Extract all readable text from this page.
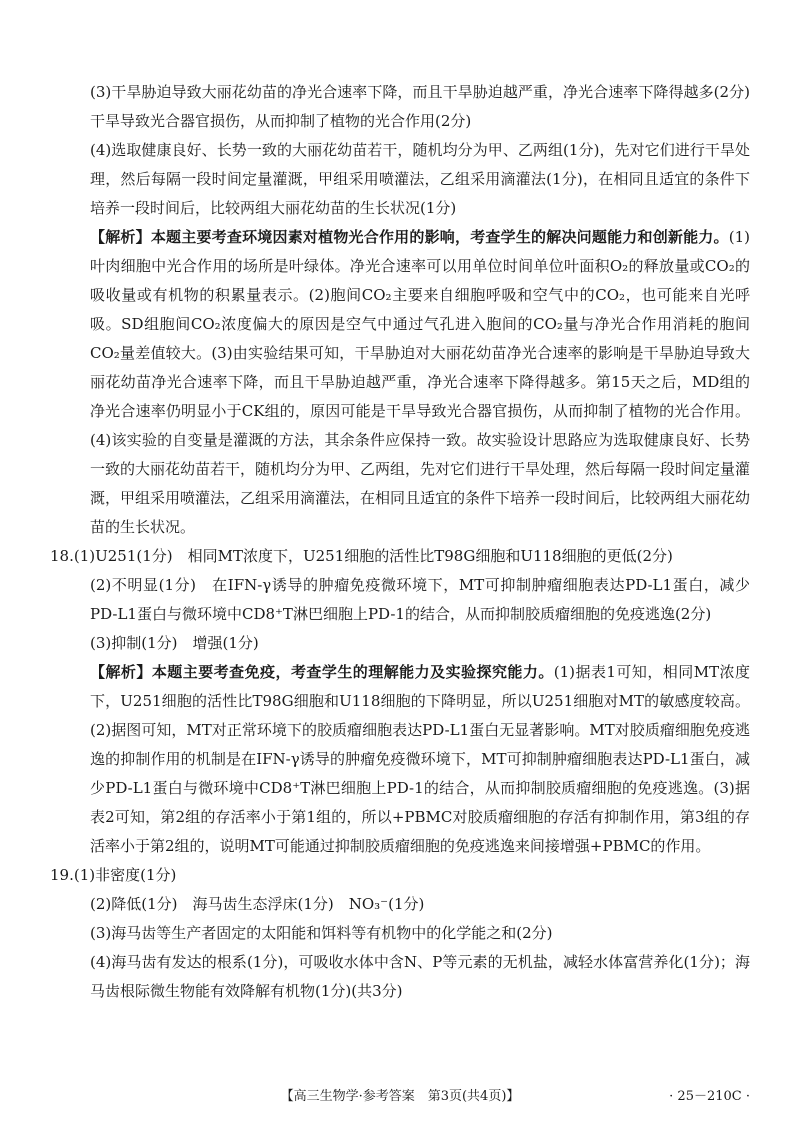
(3)干旱胁迫导致大丽花幼苗的净光合速率下降，而且干旱胁迫越严重，净光合速率下降得越多(2分)　干旱导致光合器官损伤，从而抑制了植物的光合作用(2分)

(4)选取健康良好、长势一致的大丽花幼苗若干，随机均分为甲、乙两组(1分)，先对它们进行干旱处理，然后每隔一段时间定量灌溉，甲组采用喷灌法，乙组采用滴灌法(1分)，在相同且适宜的条件下培养一段时间后，比较两组大丽花幼苗的生长状况(1分)

【解析】本题主要考查环境因素对植物光合作用的影响，考查学生的解决问题能力和创新能力。(1)叶肉细胞中光合作用的场所是叶绿体。净光合速率可以用单位时间单位叶面积O₂的释放量或CO₂的吸收量或有机物的积累量表示。(2)胞间CO₂主要来自细胞呼吸和空气中的CO₂，也可能来自光呼吸。SD组胞间CO₂浓度偏大的原因是空气中通过气孔进入胞间的CO₂量与净光合作用消耗的胞间CO₂量差值较大。(3)由实验结果可知，干旱胁迫对大丽花幼苗净光合速率的影响是干旱胁迫导致大丽花幼苗净光合速率下降，而且干旱胁迫越严重，净光合速率下降得越多。第15天之后，MD组的净光合速率仍明显小于CK组的，原因可能是干旱导致光合器官损伤，从而抑制了植物的光合作用。(4)该实验的自变量是灌溉的方法，其余条件应保持一致。故实验设计思路应为选取健康良好、长势一致的大丽花幼苗若干，随机均分为甲、乙两组，先对它们进行干旱处理，然后每隔一段时间定量灌溉，甲组采用喷灌法，乙组采用滴灌法，在相同且适宜的条件下培养一段时间后，比较两组大丽花幼苗的生长状况。

18.(1)U251(1分)　相同MT浓度下，U251细胞的活性比T98G细胞和U118细胞的更低(2分)

(2)不明显(1分)　在IFN-γ诱导的肿瘤免疫微环境下，MT可抑制肿瘤细胞表达PD-L1蛋白，减少PD-L1蛋白与微环境中CD8⁺T淋巴细胞上PD-1的结合，从而抑制胶质瘤细胞的免疫逃逸(2分)

(3)抑制(1分)　增强(1分)

【解析】本题主要考查免疫，考查学生的理解能力及实验探究能力。(1)据表1可知，相同MT浓度下，U251细胞的活性比T98G细胞和U118细胞的下降明显，所以U251细胞对MT的敏感度较高。(2)据图可知，MT对正常环境下的胶质瘤细胞表达PD-L1蛋白无显著影响。MT对胶质瘤细胞免疫逃逸的抑制作用的机制是在IFN-γ诱导的肿瘤免疫微环境下，MT可抑制肿瘤细胞表达PD-L1蛋白，减少PD-L1蛋白与微环境中CD8⁺T淋巴细胞上PD-1的结合，从而抑制胶质瘤细胞的免疫逃逸。(3)据表2可知，第2组的存活率小于第1组的，所以+PBMC对胶质瘤细胞的存活有抑制作用，第3组的存活率小于第2组的，说明MT可能通过抑制胶质瘤细胞的免疫逃逸来间接增强+PBMC的作用。

19.(1)非密度(1分)

(2)降低(1分)　海马齿生态浮床(1分)　NO₃⁻(1分)

(3)海马齿等生产者固定的太阳能和饵料等有机物中的化学能之和(2分)

(4)海马齿有发达的根系(1分)，可吸收水体中含N、P等元素的无机盐，减轻水体富营养化(1分)；海马齿根际微生物能有效降解有机物(1分)(共3分)

【高三生物学·参考答案　第3页(共4页)】	· 25－210C ·
